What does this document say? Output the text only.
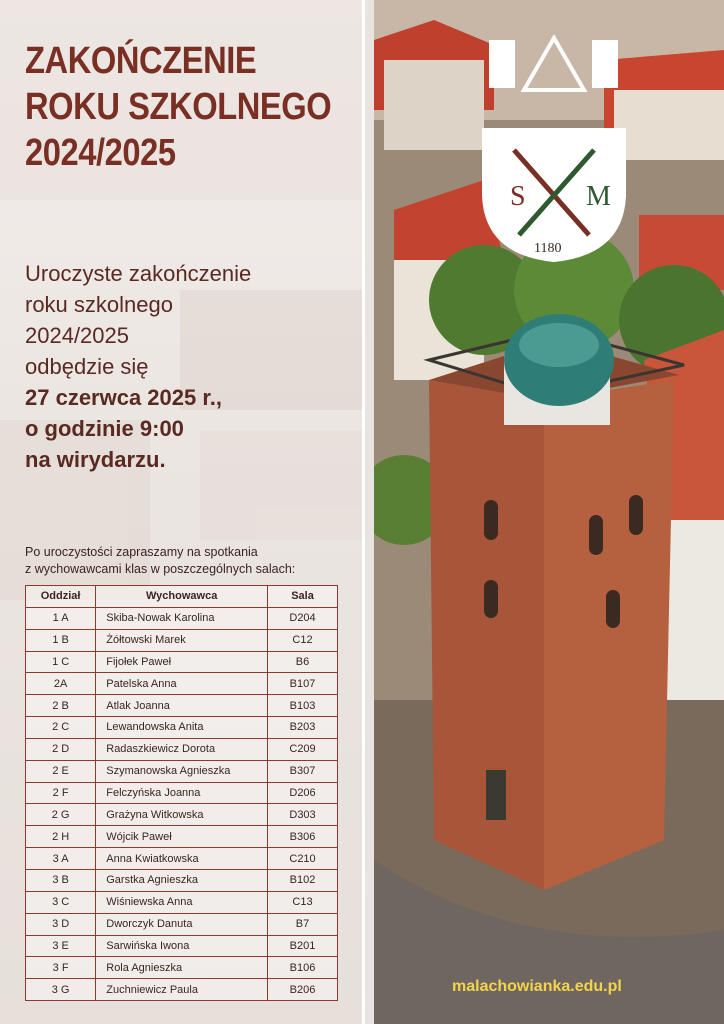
S M
1180
ZAKOŃCZENIE
ROKU SZKOLNEGO
2024/2025
Uroczyste zakończenie
roku szkolnego
2024/2025
odbędzie się
27 czerwca 2025 r.,
o godzinie 9:00
na wirydarzu.
Po uroczystości zapraszamy na spotkania
z wychowawcami klas w poszczególnych salach:
Oddział	Wychowawca	Sala
1 A	Skiba-Nowak Karolina	D204
1 B	Żółtowski Marek	C12
1 C	Fijołek Paweł	B6
2A	Patelska Anna	B107
2 B	Atlak Joanna	B103
2 C	Lewandowska Anita	B203
2 D	Radaszkiewicz Dorota	C209
2 E	Szymanowska Agnieszka	B307
2 F	Felczyńska Joanna	D206
2 G	Grażyna Witkowska	D303
2 H	Wójcik Paweł	B306
3 A	Anna Kwiatkowska	C210
3 B	Garstka Agnieszka	B102
3 C	Wiśniewska Anna	C13
3 D	Dworczyk Danuta	B7
3 E	Sarwińska Iwona	B201
3 F	Rola Agnieszka	B106
3 G	Zuchniewicz Paula	B206	malachowianka.edu.pl
